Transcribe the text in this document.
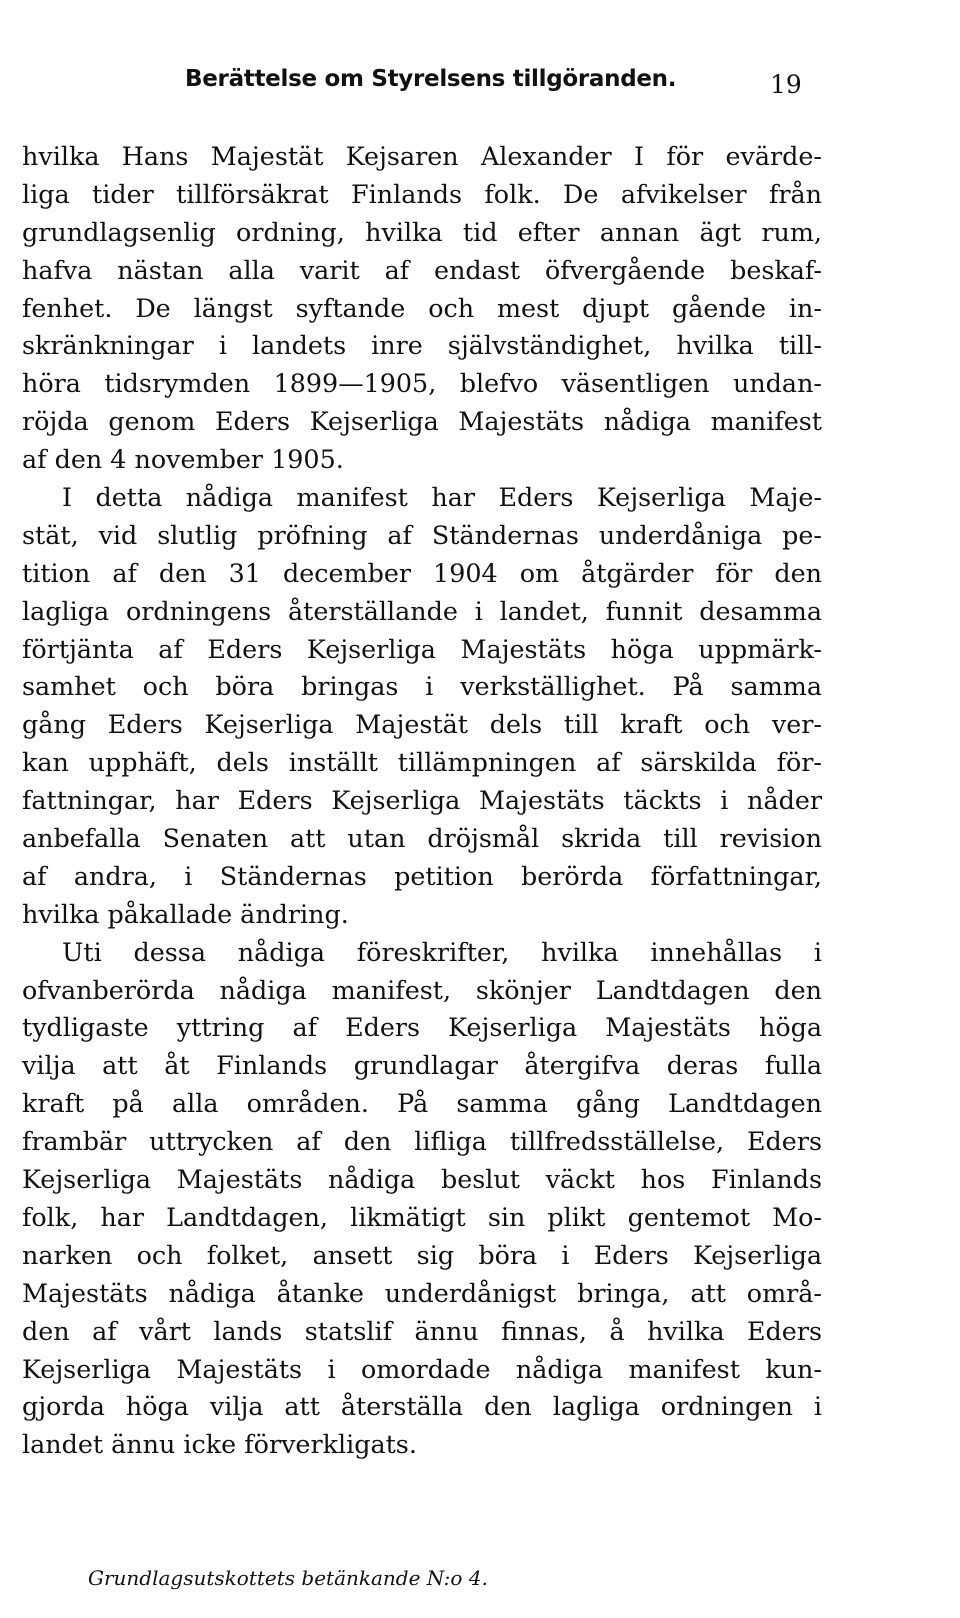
Berättelse om Styrelsens tillgöranden.	19
hvilka Hans Majestät Kejsaren Alexander I för evärde-
liga tider tillförsäkrat Finlands folk. De afvikelser från
grundlagsenlig ordning, hvilka tid efter annan ägt rum,
hafva nästan alla varit af endast öfvergående beskaf-
fenhet. De längst syftande och mest djupt gående in-
skränkningar i landets inre självständighet, hvilka till-
höra tidsrymden 1899—1905, blefvo väsentligen undan-
röjda genom Eders Kejserliga Majestäts nådiga manifest
af den 4 november 1905.
I detta nådiga manifest har Eders Kejserliga Maje-
stät, vid slutlig pröfning af Ständernas underdåniga pe-
tition af den 31 december 1904 om åtgärder för den
lagliga ordningens återställande i landet, funnit desamma
förtjänta af Eders Kejserliga Majestäts höga uppmärk-
samhet och böra bringas i verkställighet. På samma
gång Eders Kejserliga Majestät dels till kraft och ver-
kan upphäft, dels inställt tillämpningen af särskilda för-
fattningar, har Eders Kejserliga Majestäts täckts i nåder
anbefalla Senaten att utan dröjsmål skrida till revision
af andra, i Ständernas petition berörda författningar,
hvilka påkallade ändring.
Uti dessa nådiga föreskrifter, hvilka innehållas i
ofvanberörda nådiga manifest, skönjer Landtdagen den
tydligaste yttring af Eders Kejserliga Majestäts höga
vilja att åt Finlands grundlagar återgifva deras fulla
kraft på alla områden. På samma gång Landtdagen
frambär uttrycken af den lifliga tillfredsställelse, Eders
Kejserliga Majestäts nådiga beslut väckt hos Finlands
folk, har Landtdagen, likmätigt sin plikt gentemot Mo-
narken och folket, ansett sig böra i Eders Kejserliga
Majestäts nådiga åtanke underdånigst bringa, att områ-
den af vårt lands statslif ännu finnas, å hvilka Eders
Kejserliga Majestäts i omordade nådiga manifest kun-
gjorda höga vilja att återställa den lagliga ordningen i
landet ännu icke förverkligats.
Grundlagsutskottets betänkande N:o 4.
